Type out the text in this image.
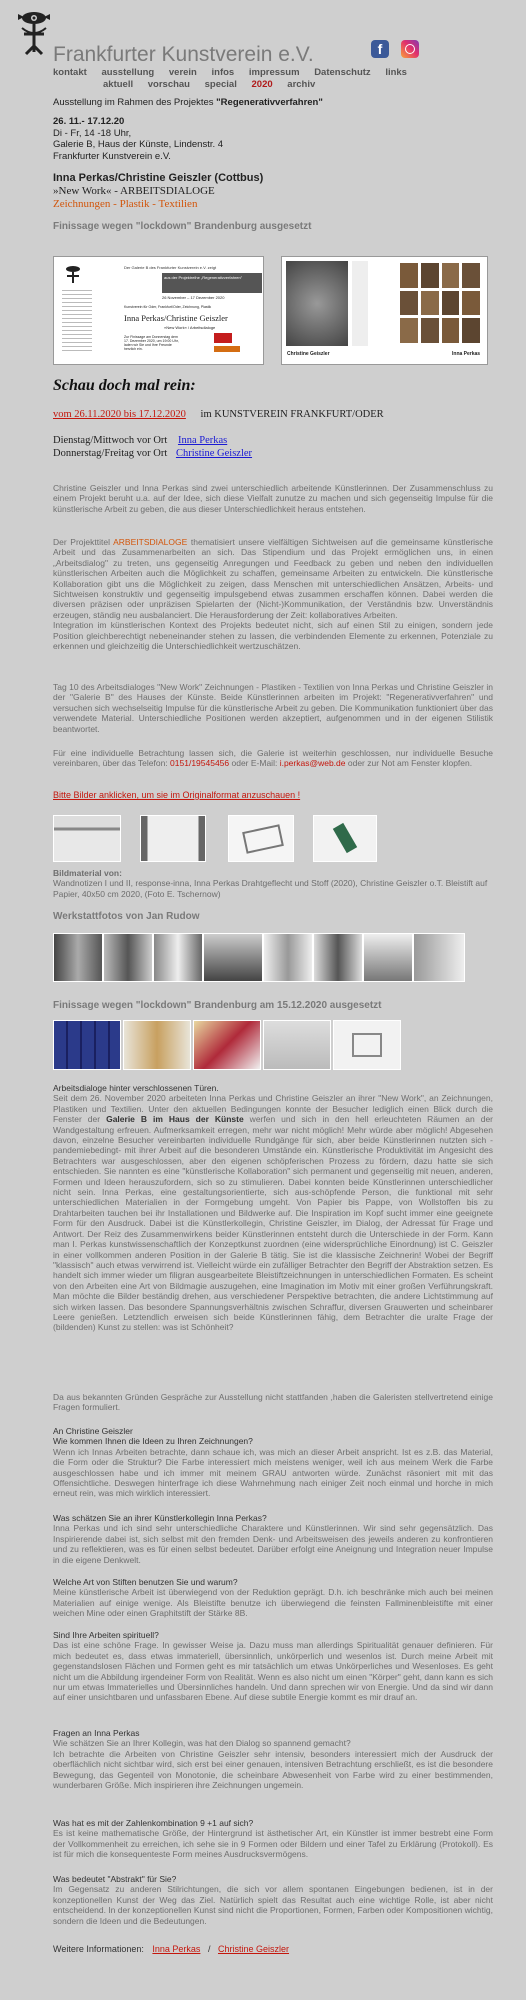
Frankfurter Kunstverein e.V.	f
kontakt ausstellung verein infos impressum Datenschutz links
aktuell vorschau special 2020 archiv
Ausstellung im Rahmen des Projektes "Regenerativverfahren"
26. 11.- 17.12.20
Di - Fr, 14 -18 Uhr,
Galerie B, Haus der Künste, Lindenstr. 4
Frankfurter Kunstverein e.V.
Inna Perkas/Christine Geiszler (Cottbus)
»New Work« - ARBEITSDIALOGE
Zeichnungen - Plastik - Textilien
Finissage wegen "lockdown" Brandenburg ausgesetzt
Der Galerie B des Frankfurter Kunstverein e.V. zeigt
aus der Projektreihe „Regenerativverfahren"
26 November – 17 Dezember 2020
Kunstverein für Oder, Frankfurt/Oder, Zeichnung, Plastik
Inna Perkas/Christine Geiszler
»New Work« / Arbeitsdialoge
Zur Finissage am Donnerstag dem 17. Dezember 2020, um 19:00 Uhr, laden wir Sie und Ihre Freunde herzlich ein.
Christine Geiszler	Inna Perkas
Schau doch mal rein:
vom 26.11.2020 bis 17.12.2020 im KUNSTVEREIN FRANKFURT/ODER
Dienstag/Mittwoch vor Ort Inna Perkas
Donnerstag/Freitag vor Ort Christine Geiszler
Christine Geiszler und Inna Perkas sind zwei unterschiedlich arbeitende Künstlerinnen. Der Zusammenschluss zu einem Projekt beruht u.a. auf der Idee, sich diese Vielfalt zunutze zu machen und sich gegenseitig Impulse für die künstlerische Arbeit zu geben, die aus dieser Unterschiedlichkeit heraus entstehen.
Der Projekttitel ARBEITSDIALOGE thematisiert unsere vielfältigen Sichtweisen auf die gemeinsame künstlerische Arbeit und das Zusammenarbeiten an sich. Das Stipendium und das Projekt ermöglichen uns, in einen „Arbeitsdialog" zu treten, uns gegenseitig Anregungen und Feedback zu geben und neben den individuellen künstlerischen Arbeiten auch die Möglichkeit zu schaffen, gemeinsame Arbeiten zu entwickeln. Die künstlerische Kollaboration gibt uns die Möglichkeit zu zeigen, dass Menschen mit unterschiedlichen Ansätzen, Arbeits- und Sichtweisen konstruktiv und gegenseitig impulsgebend etwas zusammen erschaffen können. Dabei werden die diversen präzisen oder unpräzisen Spielarten der (Nicht-)Kommunikation, der Verständnis bzw. Unverständnis erzeugen, ständig neu ausbalanciert. Die Herausforderung der Zeit: kollaboratives Arbeiten.
Integration im künstlerischen Kontext des Projekts bedeutet nicht, sich auf einen Stil zu einigen, sondern jede Position gleichberechtigt nebeneinander stehen zu lassen, die verbindenden Elemente zu erkennen, Potenziale zu erkennen und gleichzeitig die Unterschiedlichkeit wertzuschätzen.
Tag 10 des Arbeitsdialoges "New Work" Zeichnungen - Plastiken - Textilien von Inna Perkas und Christine Geiszler in der "Galerie B" des Hauses der Künste. Beide Künstlerinnen arbeiten im Projekt: "Regenerativverfahren" und versuchen sich wechselseitig Impulse für die künstlerische Arbeit zu geben. Die Kommunikation funktioniert über das verwendete Material. Unterschiedliche Positionen werden akzeptiert, aufgenommen und in der eigenen Stilistik beantwortet.
Für eine individuelle Betrachtung lassen sich, die Galerie ist weiterhin geschlossen, nur individuelle Besuche vereinbaren, über das Telefon: 0151/19545456 oder E-Mail: i.perkas@web.de oder zur Not am Fenster klopfen.
Bitte Bilder anklicken, um sie im Originalformat anzuschauen !
Bildmaterial von:
Wandnotizen I und II, response-inna, Inna Perkas Drahtgeflecht und Stoff (2020), Christine Geiszler o.T. Bleistift auf Papier, 40x50 cm 2020, (Foto E. Tschernow)
Werkstattfotos von Jan Rudow
Finissage wegen "lockdown" Brandenburg am 15.12.2020 ausgesetzt
Arbeitsdialoge hinter verschlossenen Türen.
Seit dem 26. November 2020 arbeiteten Inna Perkas und Christine Geiszler an ihrer "New Work", an Zeichnungen, Plastiken und Textilien. Unter den aktuellen Bedingungen konnte der Besucher lediglich einen Blick durch die Fenster der Galerie B im Haus der Künste werfen und sich in den hell erleuchteten Räumen an der Wandgestaltung erfreuen. Aufmerksamkeit erregen, mehr war nicht möglich! Mehr würde aber möglich! Abgesehen davon, einzelne Besucher vereinbarten individuelle Rundgänge für sich, aber beide Künstlerinnen nutzten sich - pandemiebedingt- mit ihrer Arbeit auf die besonderen Umstände ein. Künstlerische Produktivität im Angesicht des Betrachters war ausgeschlossen, aber den eigenen schöpferischen Prozess zu fördern, dazu hatte sie sich entschieden. Sie nannten es eine "künstlerische Kollaboration" sich permanent und gegenseitig mit neuen, anderen, Formen und Ideen herauszufordern, sich so zu stimulieren. Dabei konnten beide Künstlerinnen unterschiedlicher nicht sein. Inna Perkas, eine gestaltungsorientierte, sich aus-schöpfende Person, die funktional mit sehr unterschiedlichen Materialien in der Formgebung umgeht. Von Papier bis Pappe, von Wollstoffen bis zu Drahtarbeiten tauchen bei ihr Installationen und Bildwerke auf. Die Inspiration im Kopf sucht immer eine geeignete Form für den Ausdruck. Dabei ist die Künstlerkollegin, Christine Geiszler, im Dialog, der Adressat für Frage und Antwort. Der Reiz des Zusammenwirkens beider Künstlerinnen entsteht durch die Unterschiede in der Form. Kann man I. Perkas kunstwissenschaftlich der Konzeptkunst zuordnen (eine widersprüchliche Einordnung) ist C. Geiszler in einer vollkommen anderen Position in der Galerie B tätig. Sie ist die klassische Zeichnerin! Wobei der Begriff "klassisch" auch etwas verwirrend ist. Vielleicht würde ein zufälliger Betrachter den Begriff der Abstraktion setzen. Es handelt sich immer wieder um filigran ausgearbeitete Bleistiftzeichnungen in unterschiedlichen Formaten. Es scheint von den Arbeiten eine Art von Bildmagie auszugehen, eine Imagination im Motiv mit einer großen Verführungskraft. Man möchte die Bilder beständig drehen, aus verschiedener Perspektive betrachten, die andere Lichtstimmung auf sich wirken lassen. Das besondere Spannungsverhältnis zwischen Schraffur, diversen Grauwerten und scheinbarer Leere genießen. Letztendlich erweisen sich beide Künstlerinnen fähig, dem Betrachter die uralte Frage der (bildenden) Kunst zu stellen: was ist Schönheit?
Da aus bekannten Gründen Gespräche zur Ausstellung nicht stattfanden ,haben die Galeristen stellvertretend einige Fragen formuliert.
An Christine Geiszler
Wie kommen Ihnen die Ideen zu Ihren Zeichnungen?
Wenn ich Innas Arbeiten betrachte, dann schaue ich, was mich an dieser Arbeit anspricht. Ist es z.B. das Material, die Form oder die Struktur? Die Farbe interessiert mich meistens weniger, weil ich aus meinem Werk die Farbe ausgeschlossen habe und ich immer mit meinem GRAU antworten würde. Zunächst räsoniert mit mit das Offensichtliche. Deswegen hinterfrage ich diese Wahrnehmung nach einiger Zeit noch einmal und horche in mich erneut rein, was mich wirklich interessiert.
Was schätzen Sie an ihrer Künstlerkollegin Inna Perkas?
Inna Perkas und ich sind sehr unterschiedliche Charaktere und Künstlerinnen. Wir sind sehr gegensätzlich. Das Inspirierende dabei ist, sich selbst mit den fremden Denk- und Arbeitsweisen des jeweils anderen zu konfrontieren und zu reflektieren, was es für einen selbst bedeutet. Darüber erfolgt eine Aneignung und Integration neuer Impulse in die eigene Denkwelt.
Welche Art von Stiften benutzen Sie und warum?
Meine künstlerische Arbeit ist überwiegend von der Reduktion geprägt. D.h. ich beschränke mich auch bei meinen Materialien auf einige wenige. Als Bleistifte benutze ich überwiegend die feinsten Fallminenbleistifte mit einer weichen Mine oder einen Graphitstift der Stärke 8B.
Sind Ihre Arbeiten spirituell?
Das ist eine schöne Frage. In gewisser Weise ja. Dazu muss man allerdings Spiritualität genauer definieren. Für mich bedeutet es, dass etwas immateriell, übersinnlich, unkörperlich und wesenlos ist. Durch meine Arbeit mit gegenstandslosen Flächen und Formen geht es mir tatsächlich um etwas Unkörperliches und Wesenloses. Es geht nicht um die Abbildung irgendeiner Form von Realität. Wenn es also nicht um einen "Körper" geht, dann kann es sich nur um etwas Immaterielles und Übersinnliches handeln. Und dann sprechen wir von Energie. Und da sind wir dann auf einer unsichtbaren und unfassbaren Ebene. Auf diese subtile Energie kommt es mir drauf an.
Fragen an Inna Perkas
Wie schätzen Sie an Ihrer Kollegin, was hat den Dialog so spannend gemacht?
Ich betrachte die Arbeiten von Christine Geiszler sehr intensiv, besonders interessiert mich der Ausdruck der oberflächlich nicht sichtbar wird, sich erst bei einer genauen, intensiven Betrachtung erschließt, es ist die besondere Bewegung, das Gegenteil von Monotonie, die scheinbare Abwesenheit von Farbe wird zu einer bestimmenden, wunderbaren Größe. Mich inspirieren ihre Zeichnungen ungemein.
Was hat es mit der Zahlenkombination 9 +1 auf sich?
Es ist keine mathematische Größe, der Hintergrund ist ästhetischer Art, ein Künstler ist immer bestrebt eine Form der Vollkommenheit zu erreichen, ich sehe sie in 9 Formen oder Bildern und einer Tafel zu Erklärung (Protokoll). Es ist für mich die konsequenteste Form meines Ausdrucksvermögens.
Was bedeutet "Abstrakt" für Sie?
Im Gegensatz zu anderen Stilrichtungen, die sich vor allem spontanen Eingebungen bedienen, ist in der konzeptionellen Kunst der Weg das Ziel. Natürlich spielt das Resultat auch eine wichtige Rolle, ist aber nicht entscheidend. In der konzeptionellen Kunst sind nicht die Proportionen, Formen, Farben oder Kompositionen wichtig, sondern die Ideen und die Bedeutungen.
Weitere Informationen: Inna Perkas / Christine Geiszler
